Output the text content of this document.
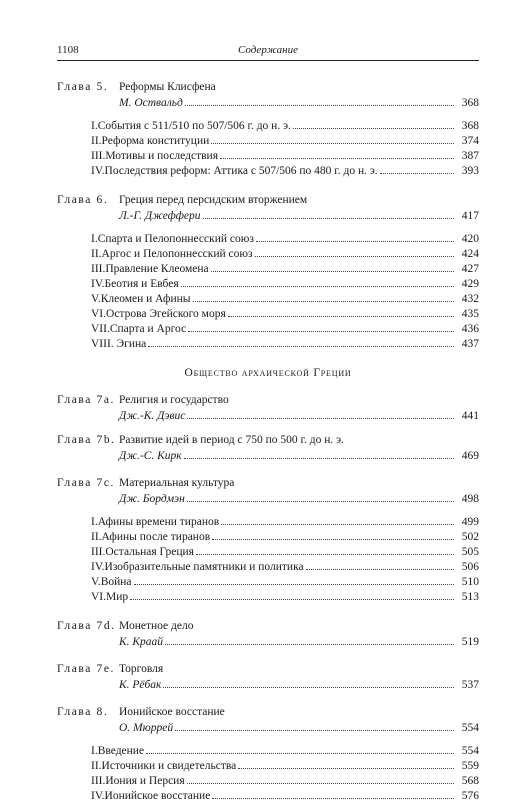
1108	Содержание
Глава 5. Реформы Клисфена
М. Оствальд	368
I.События с 511/510 по 507/506 г. до н. э.	368
II.Реформа конституции	374
III.Мотивы и последствия	387
IV.Последствия реформ: Аттика с 507/506 по 480 г. до н. э.	393
Глава 6. Греция перед персидским вторжением
Л.-Г. Джеффери	417
I.Спарта и Пелопоннесский союз	420
II.Аргос и Пелопоннесский союз	424
III.Правление Клеомена	427
IV.Беотия и Евбея	429
V.Клеомен и Афины	432
VI.Острова Эгейского моря	435
VII.Спарта и Аргос	436
VIII. Эгина	437
Общество архаической Греции
Глава 7a. Религия и государство
Дж.-К. Дэвис	441
Глава 7b. Развитие идей в период с 750 по 500 г. до н. э.
Дж.-С. Кирк	469
Глава 7c. Материальная культура
Дж. Бордмэн	498
I.Афины времени тиранов	499
II.Афины после тиранов	502
III.Остальная Греция	505
IV.Изобразительные памятники и политика	506
V.Война	510
VI.Мир	513
Глава 7d. Монетное дело
К. Краай	519
Глава 7e. Торговля
К. Рёбак	537
Глава 8. Ионийское восстание
О. Мюррей	554
I.Введение	554
II.Источники и свидетельства	559
III.Иония и Персия	568
IV.Ионийское восстание	576
